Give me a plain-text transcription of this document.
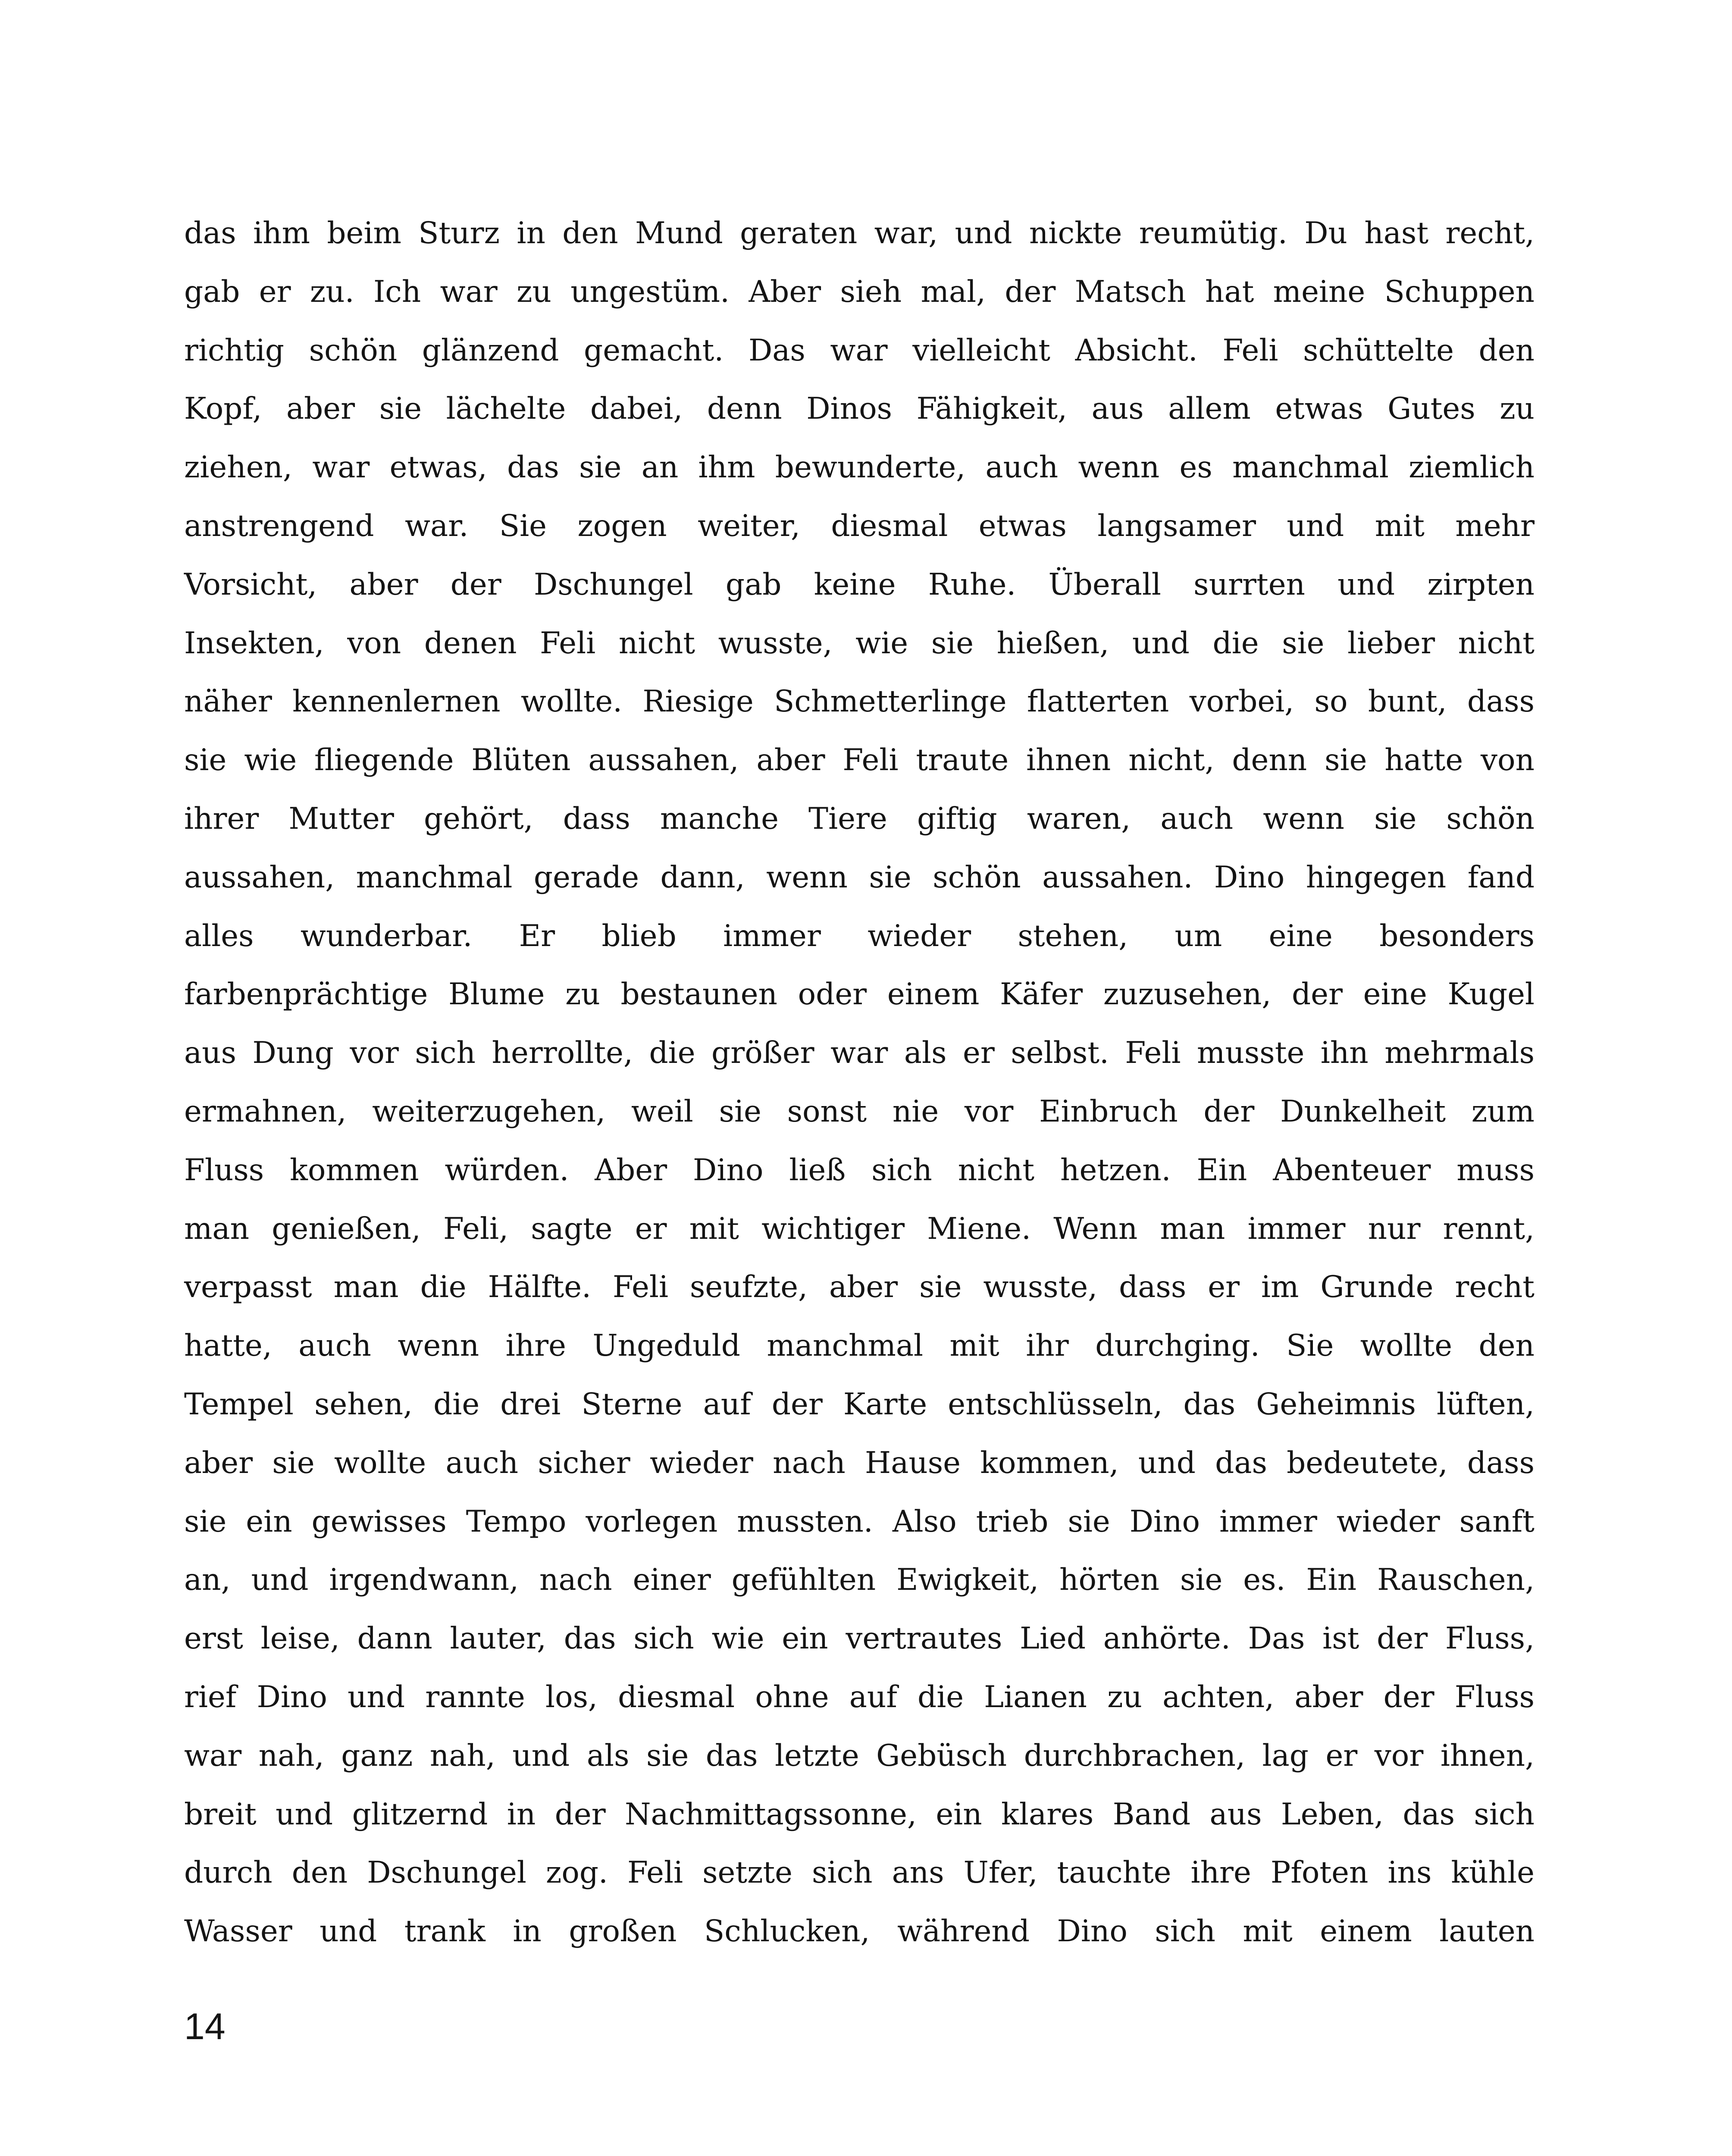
das ihm beim Sturz in den Mund geraten war, und nickte reumütig. Du hast recht,
gab er zu. Ich war zu ungestüm. Aber sieh mal, der Matsch hat meine Schuppen
richtig schön glänzend gemacht. Das war vielleicht Absicht. Feli schüttelte den
Kopf, aber sie lächelte dabei, denn Dinos Fähigkeit, aus allem etwas Gutes zu
ziehen, war etwas, das sie an ihm bewunderte, auch wenn es manchmal ziemlich
anstrengend war. Sie zogen weiter, diesmal etwas langsamer und mit mehr
Vorsicht, aber der Dschungel gab keine Ruhe. Überall surrten und zirpten
Insekten, von denen Feli nicht wusste, wie sie hießen, und die sie lieber nicht
näher kennenlernen wollte. Riesige Schmetterlinge flatterten vorbei, so bunt, dass
sie wie fliegende Blüten aussahen, aber Feli traute ihnen nicht, denn sie hatte von
ihrer Mutter gehört, dass manche Tiere giftig waren, auch wenn sie schön
aussahen, manchmal gerade dann, wenn sie schön aussahen. Dino hingegen fand
alles wunderbar. Er blieb immer wieder stehen, um eine besonders
farbenprächtige Blume zu bestaunen oder einem Käfer zuzusehen, der eine Kugel
aus Dung vor sich herrollte, die größer war als er selbst. Feli musste ihn mehrmals
ermahnen, weiterzugehen, weil sie sonst nie vor Einbruch der Dunkelheit zum
Fluss kommen würden. Aber Dino ließ sich nicht hetzen. Ein Abenteuer muss
man genießen, Feli, sagte er mit wichtiger Miene. Wenn man immer nur rennt,
verpasst man die Hälfte. Feli seufzte, aber sie wusste, dass er im Grunde recht
hatte, auch wenn ihre Ungeduld manchmal mit ihr durchging. Sie wollte den
Tempel sehen, die drei Sterne auf der Karte entschlüsseln, das Geheimnis lüften,
aber sie wollte auch sicher wieder nach Hause kommen, und das bedeutete, dass
sie ein gewisses Tempo vorlegen mussten. Also trieb sie Dino immer wieder sanft
an, und irgendwann, nach einer gefühlten Ewigkeit, hörten sie es. Ein Rauschen,
erst leise, dann lauter, das sich wie ein vertrautes Lied anhörte. Das ist der Fluss,
rief Dino und rannte los, diesmal ohne auf die Lianen zu achten, aber der Fluss
war nah, ganz nah, und als sie das letzte Gebüsch durchbrachen, lag er vor ihnen,
breit und glitzernd in der Nachmittagssonne, ein klares Band aus Leben, das sich
durch den Dschungel zog. Feli setzte sich ans Ufer, tauchte ihre Pfoten ins kühle
Wasser und trank in großen Schlucken, während Dino sich mit einem lauten
14
